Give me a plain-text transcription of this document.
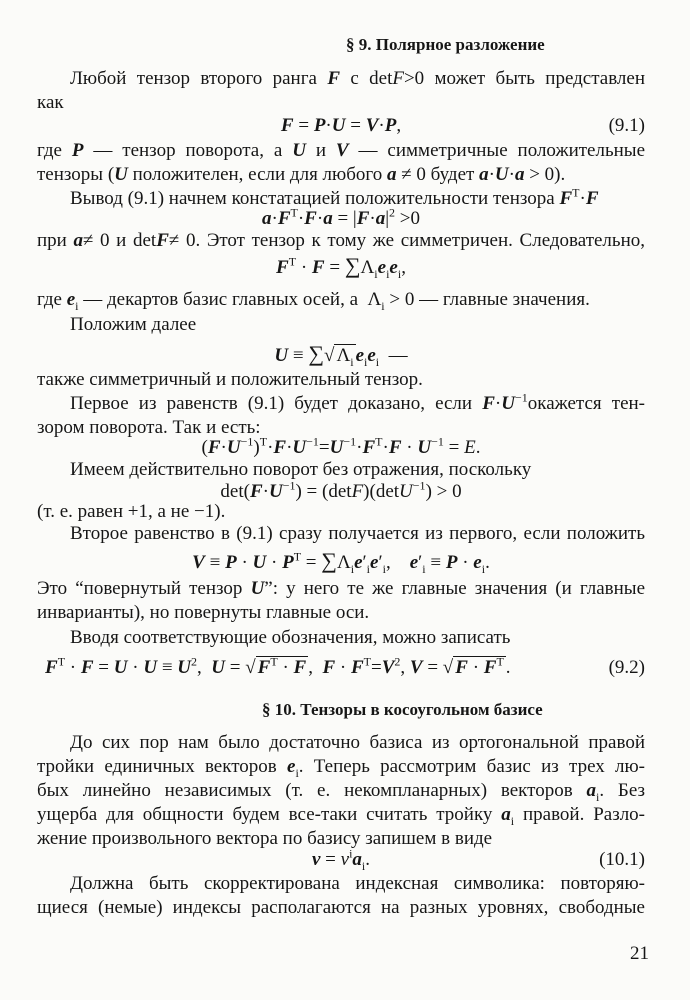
§ 9. Полярное разложение
Любой тензор второго ранга F с detF>0 может быть представлен
как
F = P·U = V·P,	(9.1)
где P — тензор поворота, а U и V — симметричные положительные
тензоры (U положителен, если для любого a ≠ 0 будет a·U·a > 0).
Вывод (9.1) начнем констатацией положительности тензора $F^T\cdot F$
$a\cdot F^T\cdot F\cdot a = |F\cdot a|^2 >0$
при a≠ 0 и detF≠ 0. Этот тензор к тому же симметричен. Следовательно,
$F^T \cdot F = \sum\Lambda_ie_ie_i$,
где $e_i$ — декартов базис главных осей, а $\Lambda_i > 0$ — главные значения.
Положим далее
U ≡ ∑√ $\Lambda_i$ $e_ie_i$  —
также симметричный и положительный тензор.
Первое из равенств (9.1) будет доказано, если $F\cdot U^{-1}окажется$ тен-
зором поворота. Так и есть:
$(F\cdot U^{-1})^T\cdot F\cdot U^{-1}=U^{-1}\cdot F^T\cdot F \cdot U^{-1} = E$.
Имеем действительно поворот без отражения, поскольку
$\det(F\cdot U^{-1}) = (\det F)(\det U^{-1}) > 0$
(т. е. равен +1, а не −1).
Второе равенство в (9.1) сразу получается из первого, если положить
$V \equiv P \cdot U \cdot P^T = \sum\Lambda_ie'_ie'_i$,    $e'_i \equiv P \cdot e_i$.
Это “повернутый тензор U”: у него те же главные значения (и главные
инварианты), но повернуты главные оси.
Вводя соответствующие обозначения, можно записать
$F^T \cdot F = U \cdot U \equiv U^2$,  U = √ $F^T \cdot F$ ,  $F \cdot F^T=V^2$, V = √ $F \cdot F^T$ .	(9.2)
§ 10. Тензоры в косоугольном базисе
До сих пор нам было достаточно базиса из ортогональной правой
тройки единичных векторов $e_i$. Теперь рассмотрим базис из трех лю-
бых линейно независимых (т. е. некомпланарных) векторов $a_i$. Без
ущерба для общности будем все-таки считать тройку $a_i$ правой. Разло-
жение произвольного вектора по базису запишем в виде
$v = v^ia_i$.	(10.1)
Должна быть скорректирована индексная символика: повторяю-
щиеся (немые) индексы располагаются на разных уровнях, свободные
21
